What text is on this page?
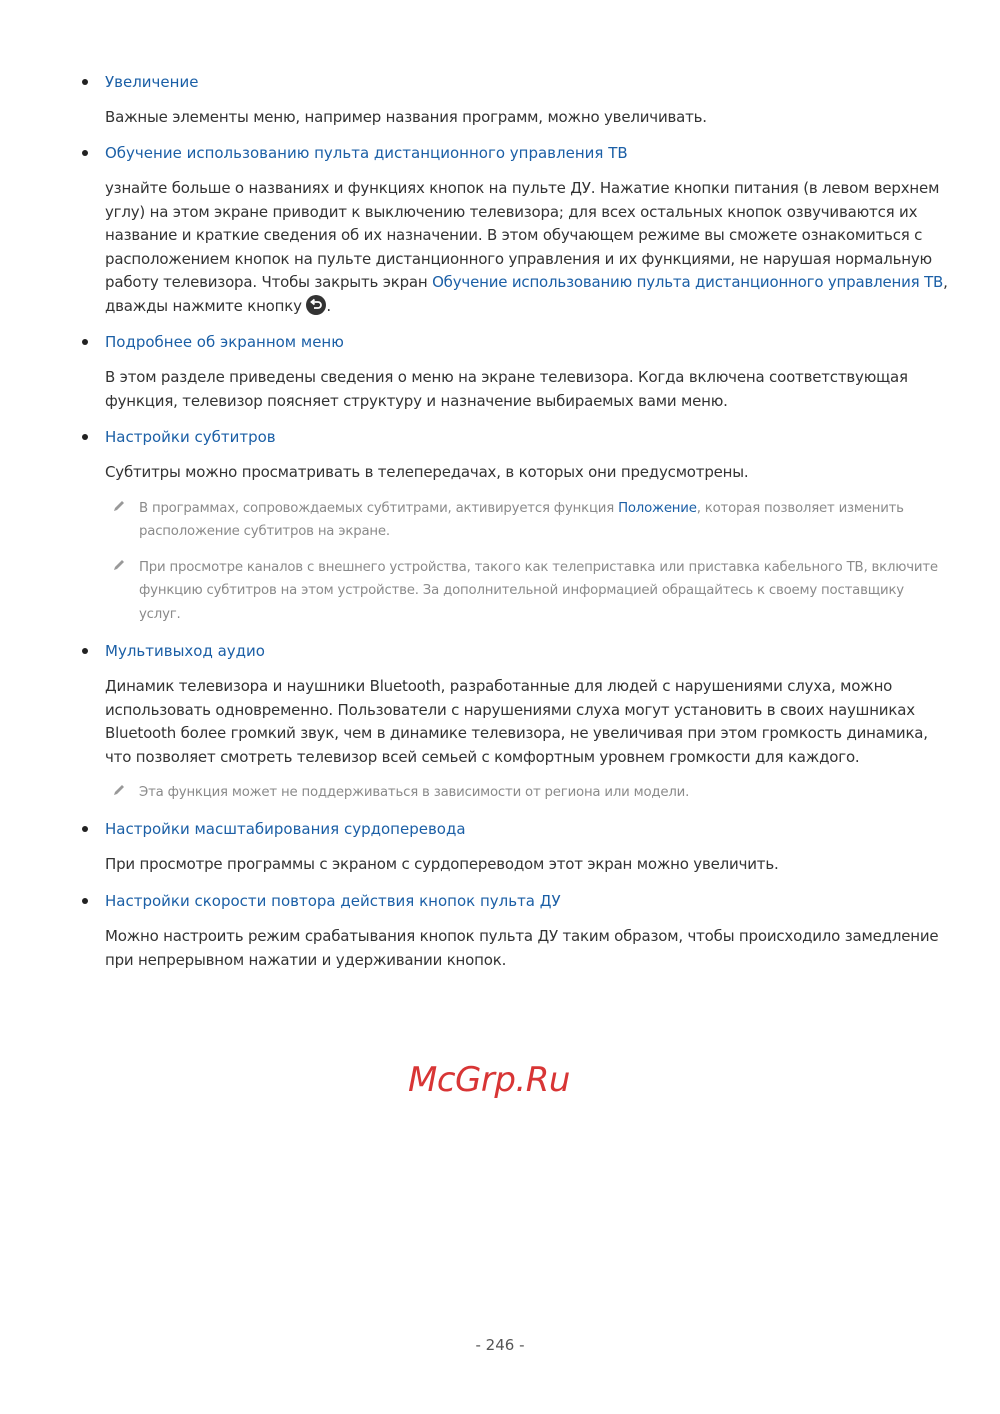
Увеличение
Важные элементы меню, например названия программ, можно увеличивать.
Обучение использованию пульта дистанционного управления ТВ
узнайте больше о названиях и функциях кнопок на пульте ДУ. Нажатие кнопки питания (в левом верхнем
углу) на этом экране приводит к выключению телевизора; для всех остальных кнопок озвучиваются их
название и краткие сведения об их назначении. В этом обучающем режиме вы сможете ознакомиться с
расположением кнопок на пульте дистанционного управления и их функциями, не нарушая нормальную
работу телевизора. Чтобы закрыть экран Обучение использованию пульта дистанционного управления ТВ,
дважды нажмите кнопку
.
Подробнее об экранном меню
В этом разделе приведены сведения о меню на экране телевизора. Когда включена соответствующая
функция, телевизор поясняет структуру и назначение выбираемых вами меню.
Настройки субтитров
Субтитры можно просматривать в телепередачах, в которых они предусмотрены.
В программах, сопровождаемых субтитрами, активируется функция Положение, которая позволяет изменить
расположение субтитров на экране.
При просмотре каналов с внешнего устройства, такого как телеприставка или приставка кабельного ТВ, включите
функцию субтитров на этом устройстве. За дополнительной информацией обращайтесь к своему поставщику
услуг.
Мультивыход аудио
Динамик телевизора и наушники Bluetooth, разработанные для людей с нарушениями слуха, можно
использовать одновременно. Пользователи с нарушениями слуха могут установить в своих наушниках
Bluetooth более громкий звук, чем в динамике телевизора, не увеличивая при этом громкость динамика,
что позволяет смотреть телевизор всей семьей с комфортным уровнем громкости для каждого.
Эта функция может не поддерживаться в зависимости от региона или модели.
Настройки масштабирования сурдоперевода
При просмотре программы с экраном с сурдопереводом этот экран можно увеличить.
Настройки скорости повтора действия кнопок пульта ДУ
Можно настроить режим срабатывания кнопок пульта ДУ таким образом, чтобы происходило замедление
при непрерывном нажатии и удерживании кнопок.
McGrp.Ru
- 246 -
